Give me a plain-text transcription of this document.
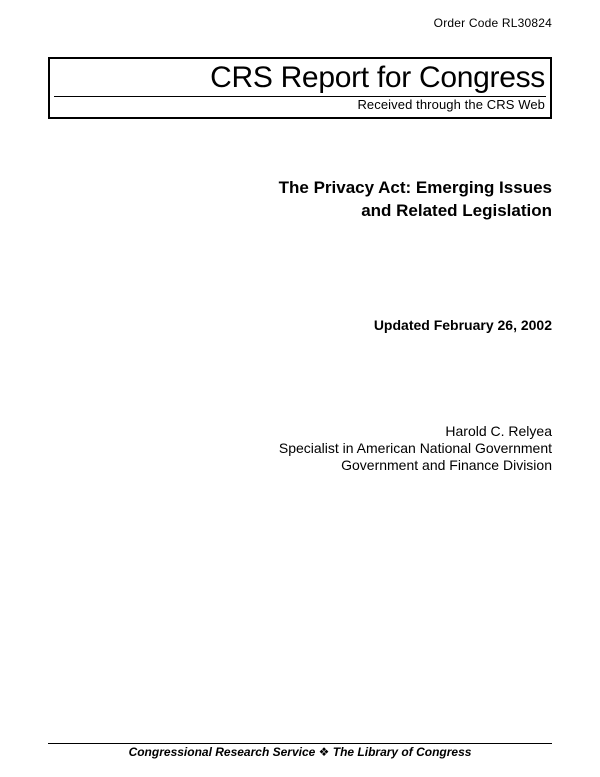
Order Code RL30824
CRS Report for Congress
Received through the CRS Web
The Privacy Act: Emerging Issues
and Related Legislation
Updated February 26, 2002
Harold C. Relyea
Specialist in American National Government
Government and Finance Division
Congressional Research Service ❖ The Library of Congress
